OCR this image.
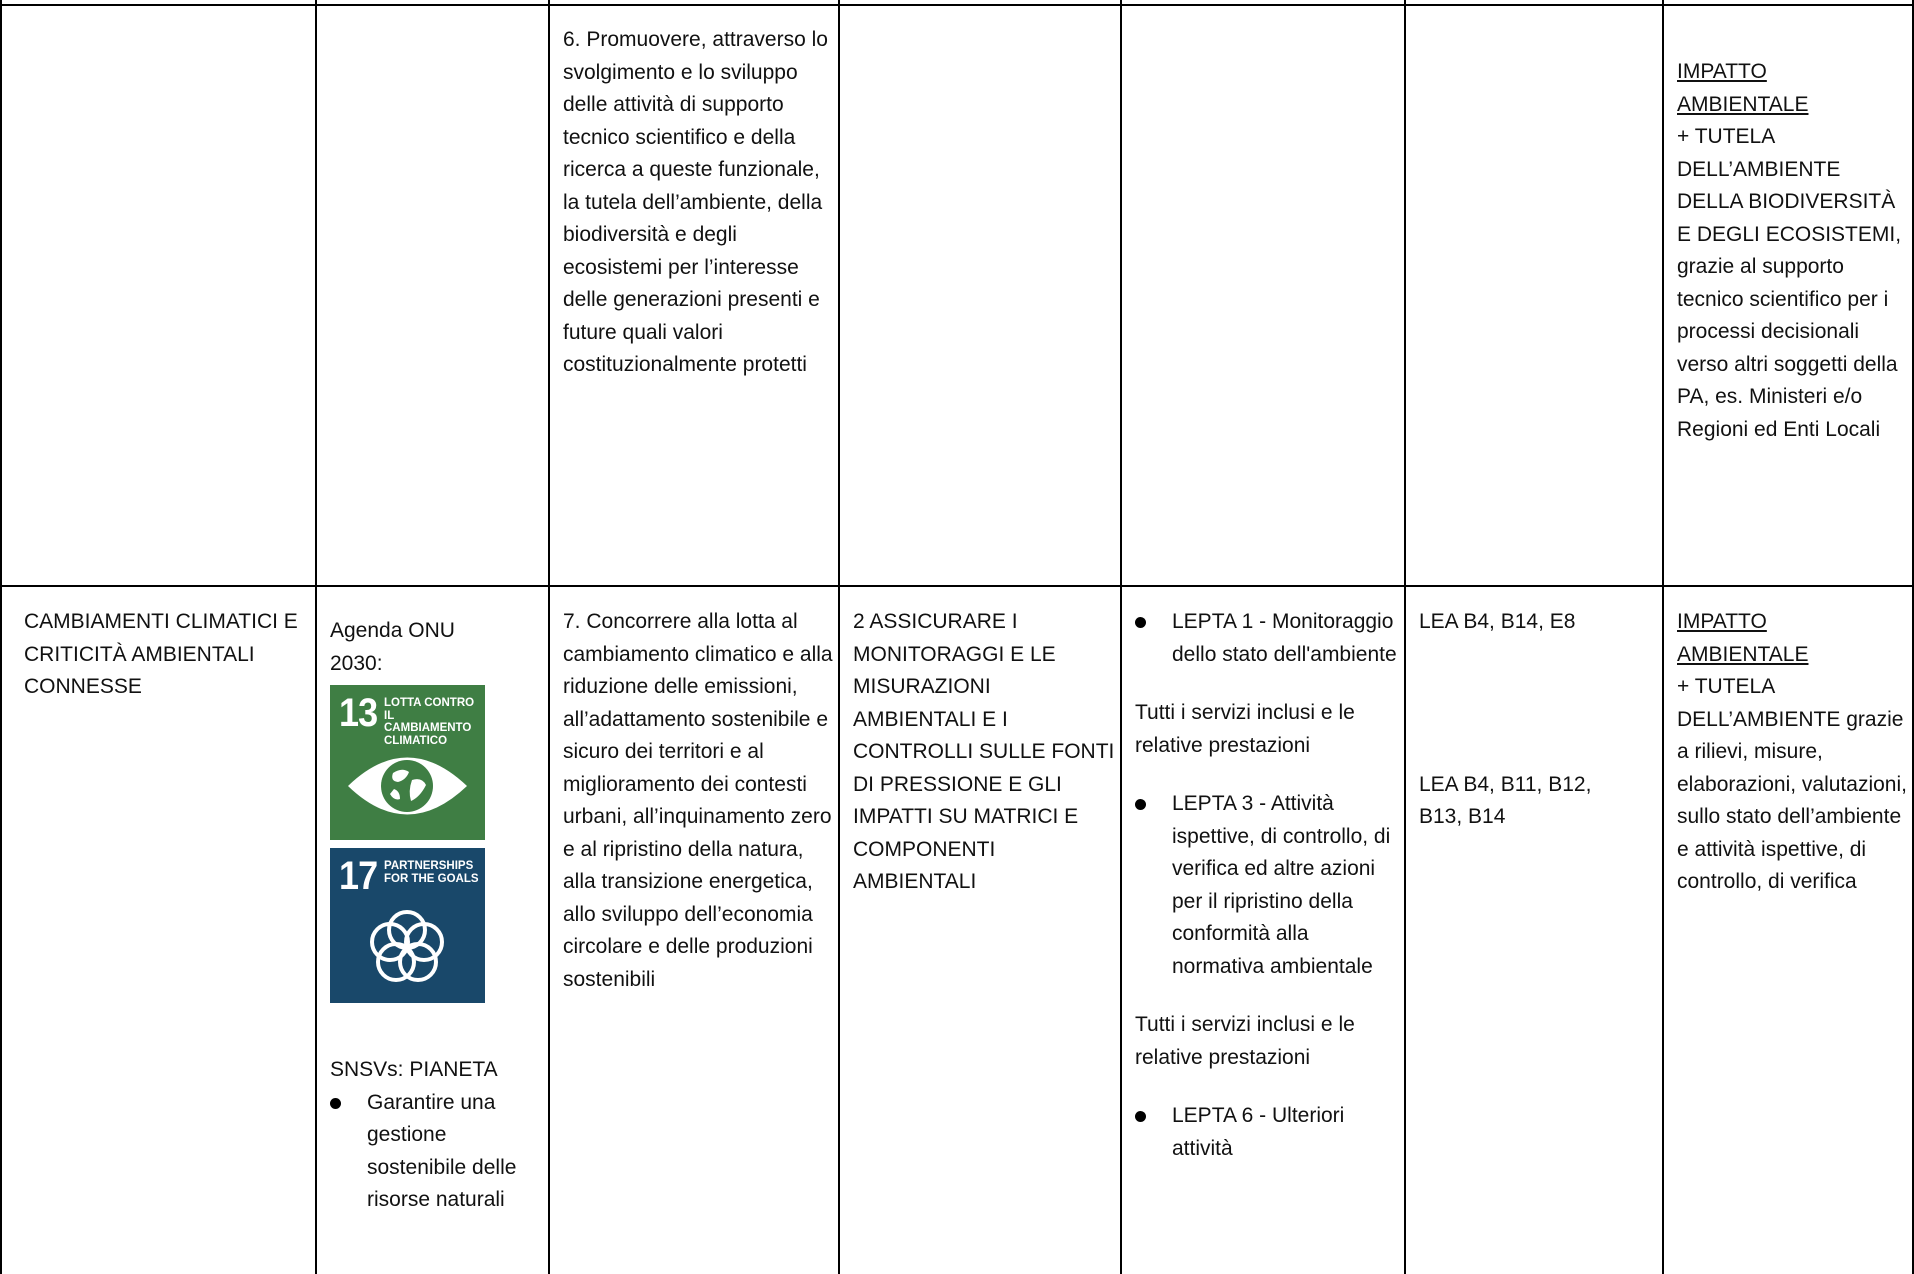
6. Promuovere, attraverso lo svolgimento e lo sviluppo delle attività di supporto tecnico scientifico e della ricerca a queste funzionale, la tutela dell’ambiente, della biodiversità e degli ecosistemi per l’interesse delle generazioni presenti e future quali valori costituzionalmente protetti

IMPATTO AMBIENTALE

+ TUTELA DELL’AMBIENTE DELLA BIODIVERSITÀ E DEGLI ECOSISTEMI, grazie al supporto tecnico scientifico per i processi decisionali verso altri soggetti della PA, es. Ministeri e/o Regioni ed Enti Locali

CAMBIAMENTI CLIMATICI E CRITICITÀ AMBIENTALI CONNESSE

Agenda ONU 2030:

13 LOTTA CONTRO IL CAMBIAMENTO CLIMATICO
17 PARTNERSHIPS FOR THE GOALS

SNSVs: PIANETA

Garantire una gestione sostenibile delle risorse naturali

7. Concorrere alla lotta al cambiamento climatico e alla riduzione delle emissioni, all’adattamento sostenibile e sicuro dei territori e al miglioramento dei contesti urbani, all’inquinamento zero e al ripristino della natura, alla transizione energetica, allo sviluppo dell’economia circolare e delle produzioni sostenibili

2 ASSICURARE I MONITORAGGI E LE MISURAZIONI AMBIENTALI E I CONTROLLI SULLE FONTI DI PRESSIONE E GLI IMPATTI SU MATRICI E COMPONENTI AMBIENTALI

LEPTA 1 - Monitoraggio dello stato dell'ambiente

Tutti i servizi inclusi e le relative prestazioni

LEPTA 3 - Attività ispettive, di controllo, di verifica ed altre azioni per il ripristino della conformità alla normativa ambientale

Tutti i servizi inclusi e le relative prestazioni

LEPTA 6 - Ulteriori attività

LEA B4, B14, E8

LEA B4, B11, B12, B13, B14

IMPATTO AMBIENTALE

+ TUTELA DELL’AMBIENTE grazie a rilievi, misure, elaborazioni, valutazioni, sullo stato dell’ambiente e attività ispettive, di controllo, di verifica
